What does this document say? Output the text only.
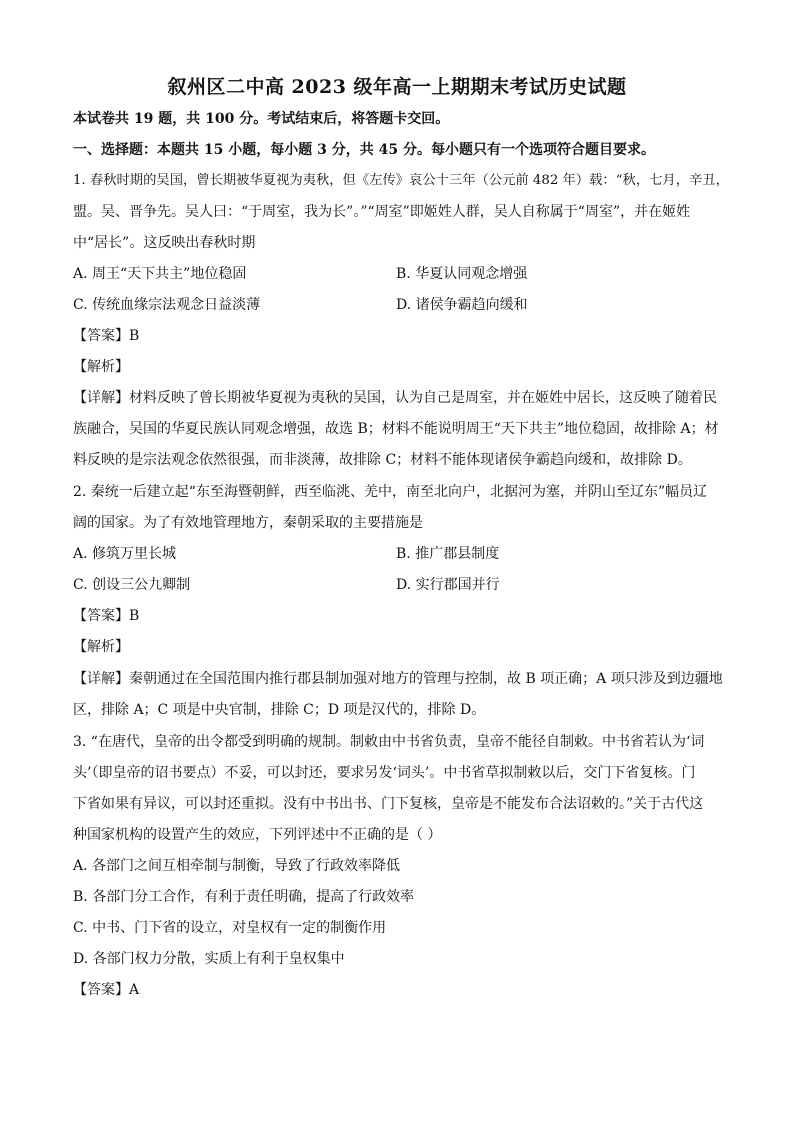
叙州区二中高 2023 级年高一上期期末考试历史试题
本试卷共 19 题，共 100 分。考试结束后，将答题卡交回。
一、选择题：本题共 15 小题，每小题 3 分，共 45 分。每小题只有一个选项符合题目要求。
1. 春秋时期的吴国，曾长期被华夏视为夷秋，但《左传》哀公十三年（公元前 482 年）载：“秋，七月，辛丑，
盟。吴、晋争先。吴人曰：“于周室，我为长”。”“周室”即姬姓人群，吴人自称属于“周室”，并在姬姓
中“居长”。这反映出春秋时期
A. 周王“天下共主”地位稳固	B. 华夏认同观念增强
C. 传统血缘宗法观念日益淡薄	D. 诸侯争霸趋向缓和
【答案】B
【解析】
【详解】材料反映了曾长期被华夏视为夷秋的吴国，认为自己是周室，并在姬姓中居长，这反映了随着民
族融合，吴国的华夏民族认同观念增强，故选 B；材料不能说明周王“天下共主”地位稳固，故排除 A；材
料反映的是宗法观念依然很强，而非淡薄，故排除 C；材料不能体现诸侯争霸趋向缓和，故排除 D。
2. 秦统一后建立起“东至海暨朝鲜，西至临洮、羌中，南至北向户，北据河为塞，并阴山至辽东”幅员辽
阔的国家。为了有效地管理地方，秦朝采取的主要措施是
A. 修筑万里长城	B. 推广郡县制度
C. 创设三公九卿制	D. 实行郡国并行
【答案】B
【解析】
【详解】秦朝通过在全国范围内推行郡县制加强对地方的管理与控制，故 B 项正确；A 项只涉及到边疆地
区，排除 A；C 项是中央官制，排除 C；D 项是汉代的，排除 D。
3. “在唐代，皇帝的出令都受到明确的规制。制敕由中书省负责，皇帝不能径自制敕。中书省若认为‘词
头’（即皇帝的诏书要点）不妥，可以封还，要求另发‘词头’。中书省草拟制敕以后，交门下省复核。门
下省如果有异议，可以封还重拟。没有中书出书、门下复核，皇帝是不能发布合法诏敕的。”关于古代这
种国家机构的设置产生的效应，下列评述中不正确的是（ ）
A. 各部门之间互相牵制与制衡，导致了行政效率降低
B. 各部门分工合作，有利于责任明确，提高了行政效率
C. 中书、门下省的设立，对皇权有一定的制衡作用
D. 各部门权力分散，实质上有利于皇权集中
【答案】A
